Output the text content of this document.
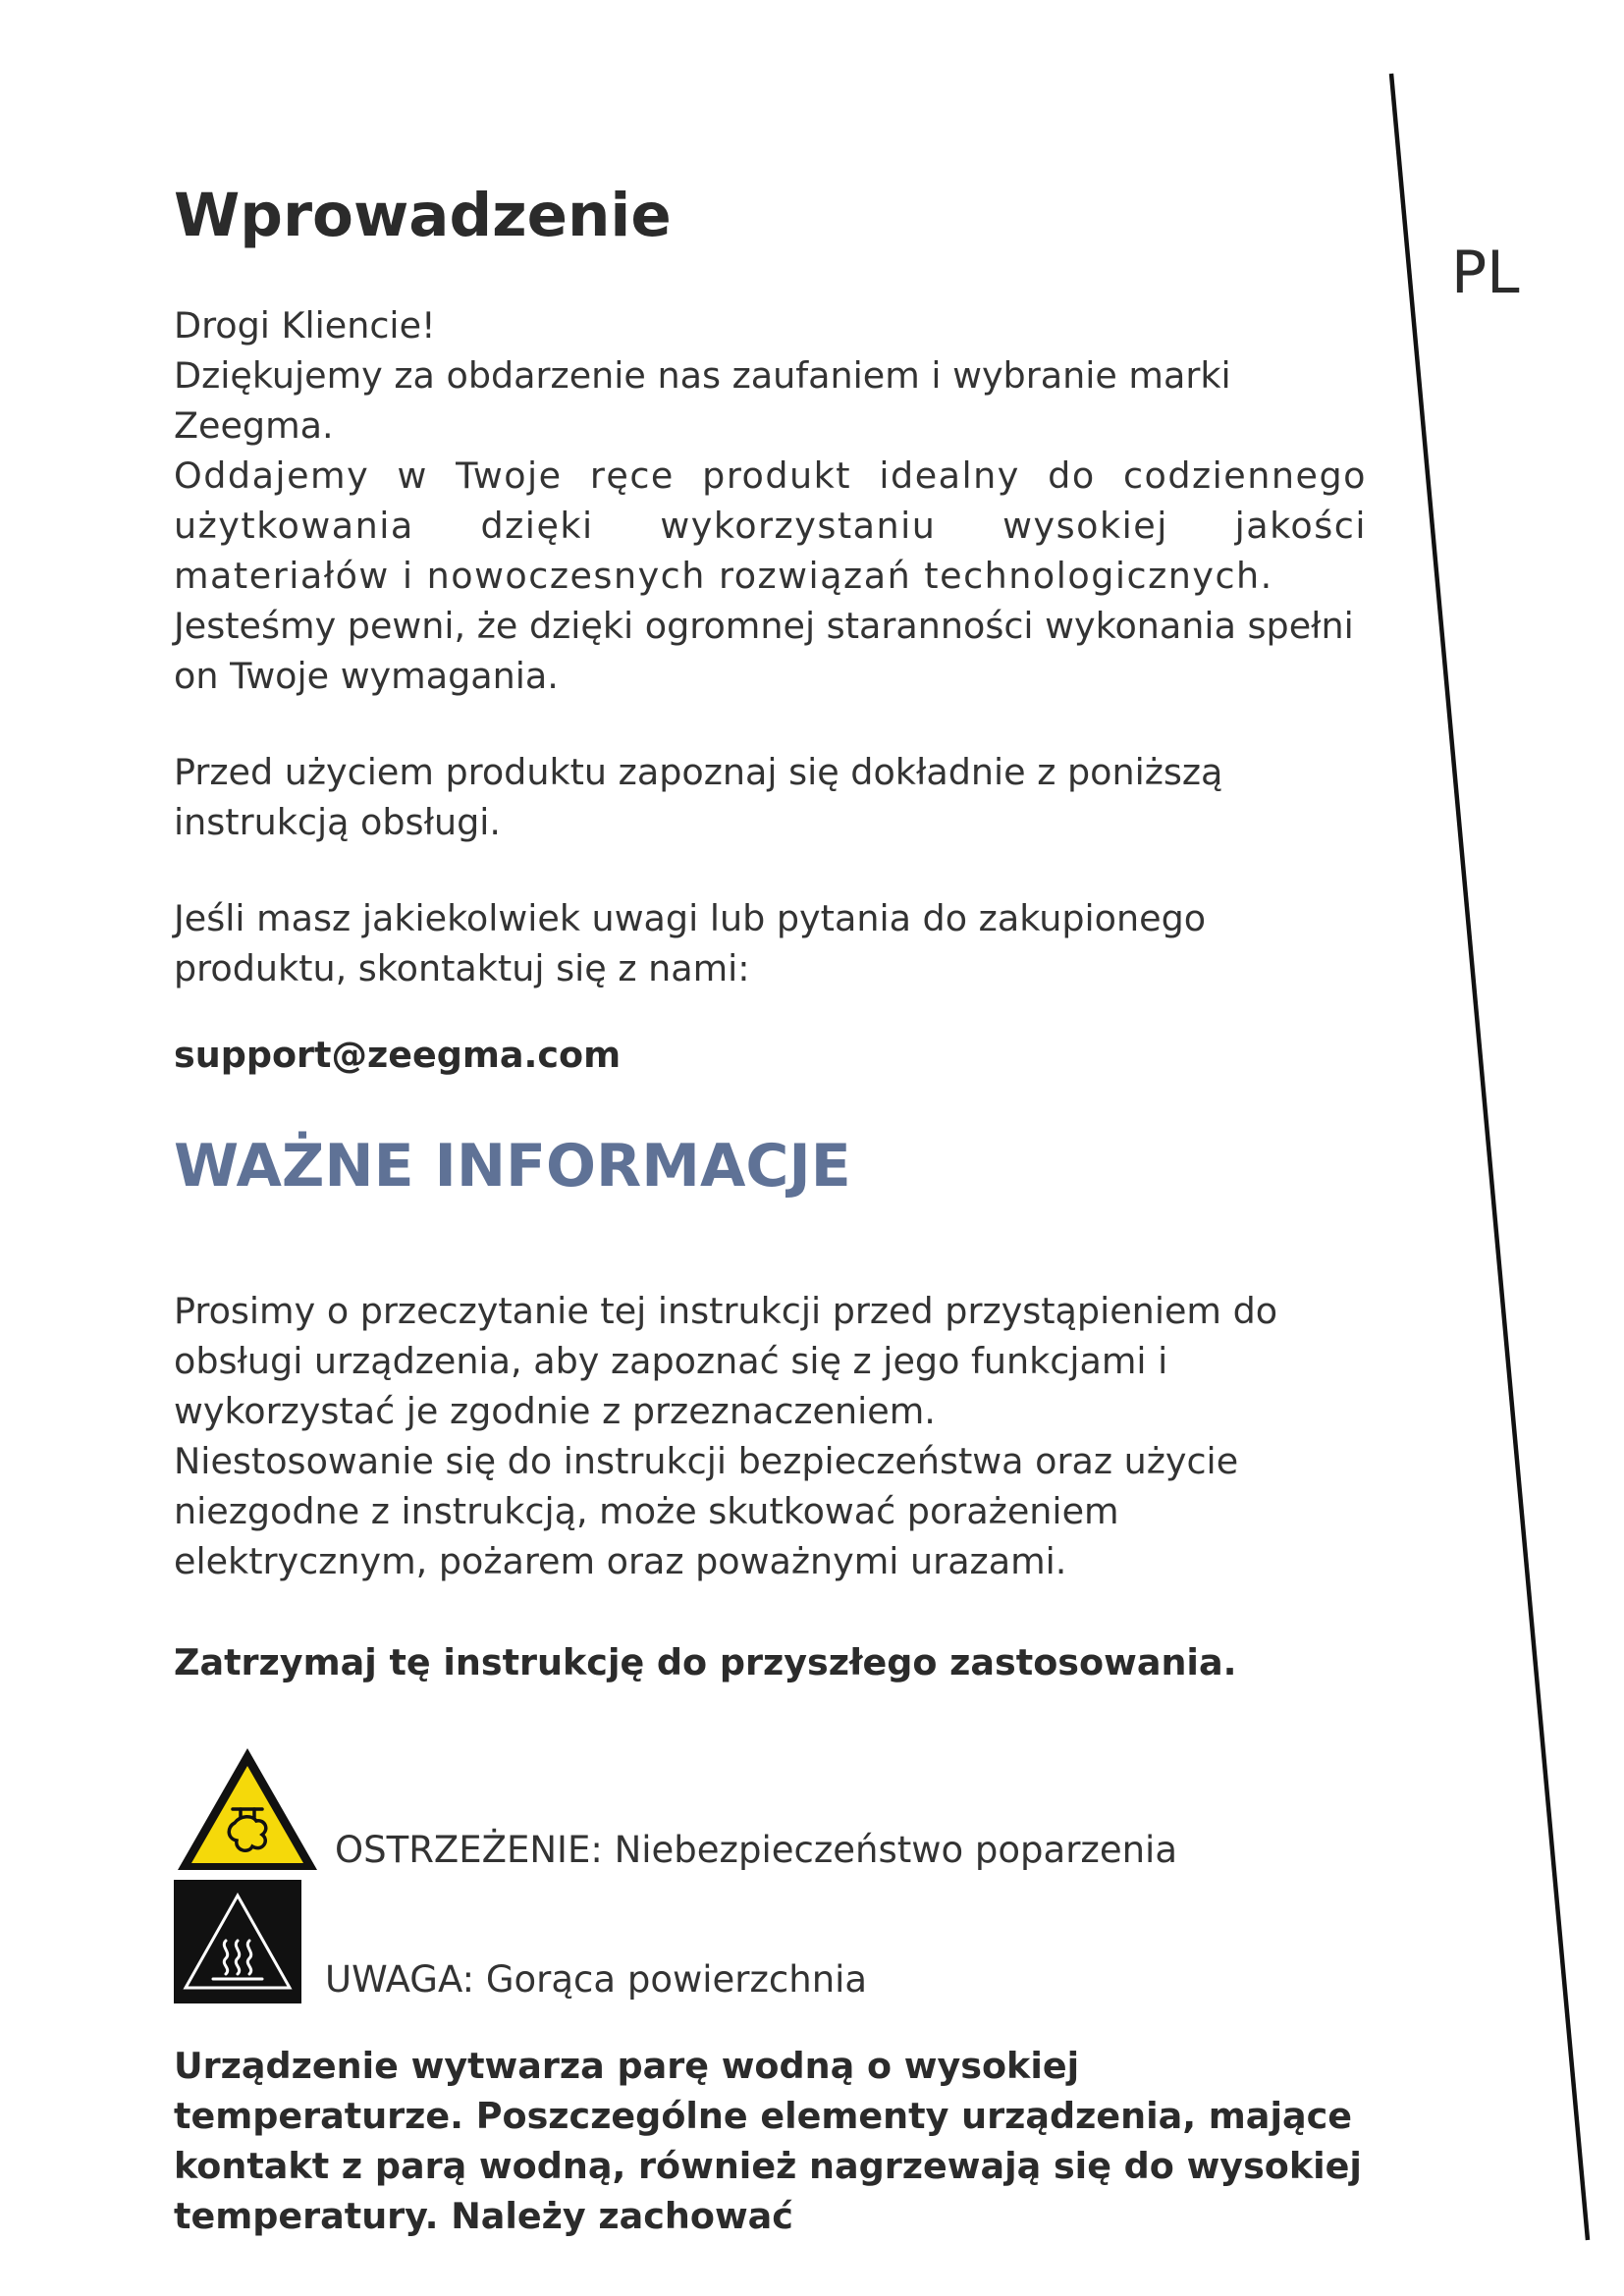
PL
Wprowadzenie

Drogi Kliencie!

Dziękujemy za obdarzenie nas zaufaniem i wybranie marki Zeegma.

Oddajemy w Twoje ręce produkt idealny do codziennego użytkowania dzięki wykorzystaniu wysokiej jakości materiałów i nowoczesnych rozwiązań technologicznych.

Jesteśmy pewni, że dzięki ogromnej staranności wykonania spełni on Twoje wymagania.

Przed użyciem produktu zapoznaj się dokładnie z poniższą instrukcją obsługi.

Jeśli masz jakiekolwiek uwagi lub pytania do zakupionego produktu, skontaktuj się z nami:

support@zeegma.com

WAŻNE INFORMACJE

Prosimy o przeczytanie tej instrukcji przed przystąpieniem do obsługi urządzenia, aby zapoznać się z jego funkcjami i wykorzystać je zgodnie z przeznaczeniem.

Niestosowanie się do instrukcji bezpieczeństwa oraz użycie niezgodne z instrukcją, może skutkować porażeniem elektrycznym, pożarem oraz poważnymi urazami.

Zatrzymaj tę instrukcję do przyszłego zastosowania.

OSTRZEŻENIE: Niebezpieczeństwo poparzenia
UWAGA: Gorąca powierzchnia

Urządzenie wytwarza parę wodną o wysokiej temperaturze. Poszczególne elementy urządzenia, mające kontakt z parą wodną, również nagrzewają się do wysokiej temperatury. Należy zachować
